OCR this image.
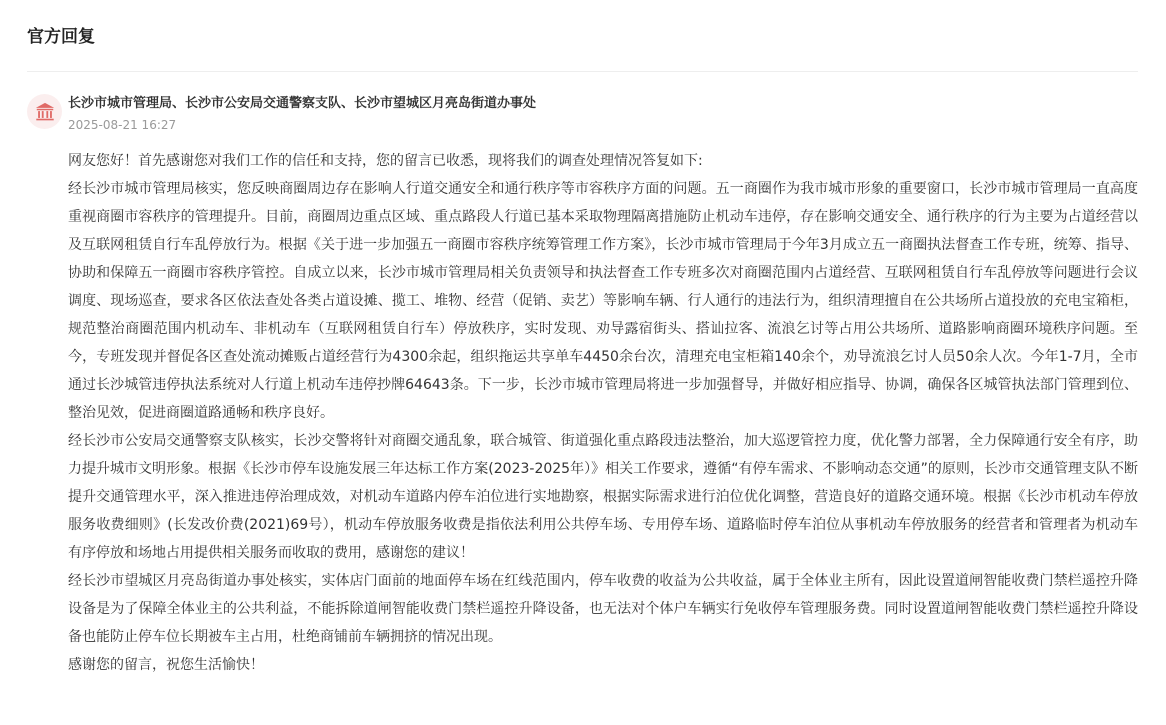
官方回复
长沙市城市管理局、长沙市公安局交通警察支队、长沙市望城区月亮岛街道办事处
2025-08-21 16:27

网友您好！首先感谢您对我们工作的信任和支持，您的留言已收悉，现将我们的调查处理情况答复如下:

经长沙市城市管理局核实，您反映商圈周边存在影响人行道交通安全和通行秩序等市容秩序方面的问题。五一商圈作为我市城市形象的重要窗口，长沙市城市管理局一直高度重视商圈市容秩序的管理提升。目前，商圈周边重点区域、重点路段人行道已基本采取物理隔离措施防止机动车违停，存在影响交通安全、通行秩序的行为主要为占道经营以及互联网租赁自行车乱停放行为。根据《关于进一步加强五一商圈市容秩序统筹管理工作方案》，长沙市城市管理局于今年3月成立五一商圈执法督查工作专班，统筹、指导、协助和保障五一商圈市容秩序管控。自成立以来，长沙市城市管理局相关负责领导和执法督查工作专班多次对商圈范围内占道经营、互联网租赁自行车乱停放等问题进行会议调度、现场巡查，要求各区依法查处各类占道设摊、揽工、堆物、经营（促销、卖艺）等影响车辆、行人通行的违法行为，组织清理擅自在公共场所占道投放的充电宝箱柜，规范整治商圈范围内机动车、非机动车（互联网租赁自行车）停放秩序，实时发现、劝导露宿街头、搭讪拉客、流浪乞讨等占用公共场所、道路影响商圈环境秩序问题。至今，专班发现并督促各区查处流动摊贩占道经营行为4300余起，组织拖运共享单车4450余台次，清理充电宝柜箱140余个，劝导流浪乞讨人员50余人次。今年1-7月，全市通过长沙城管违停执法系统对人行道上机动车违停抄牌64643条。下一步，长沙市城市管理局将进一步加强督导，并做好相应指导、协调，确保各区城管执法部门管理到位、整治见效，促进商圈道路通畅和秩序良好。

经长沙市公安局交通警察支队核实，长沙交警将针对商圈交通乱象，联合城管、街道强化重点路段违法整治，加大巡逻管控力度，优化警力部署，全力保障通行安全有序，助力提升城市文明形象。根据《长沙市停车设施发展三年达标工作方案(2023-2025年）》相关工作要求，遵循“有停车需求、不影响动态交通”的原则，长沙市交通管理支队不断提升交通管理水平，深入推进违停治理成效，对机动车道路内停车泊位进行实地勘察，根据实际需求进行泊位优化调整，营造良好的道路交通环境。根据《长沙市机动车停放服务收费细则》(长发改价费(2021)69号），机动车停放服务收费是指依法利用公共停车场、专用停车场、道路临时停车泊位从事机动车停放服务的经营者和管理者为机动车有序停放和场地占用提供相关服务而收取的费用，感谢您的建议！

经长沙市望城区月亮岛街道办事处核实，实体店门面前的地面停车场在红线范围内，停车收费的收益为公共收益，属于全体业主所有，因此设置道闸智能收费门禁栏遥控升降设备是为了保障全体业主的公共利益，不能拆除道闸智能收费门禁栏遥控升降设备，也无法对个体户车辆实行免收停车管理服务费。同时设置道闸智能收费门禁栏遥控升降设备也能防止停车位长期被车主占用，杜绝商铺前车辆拥挤的情况出现。

感谢您的留言，祝您生活愉快！
